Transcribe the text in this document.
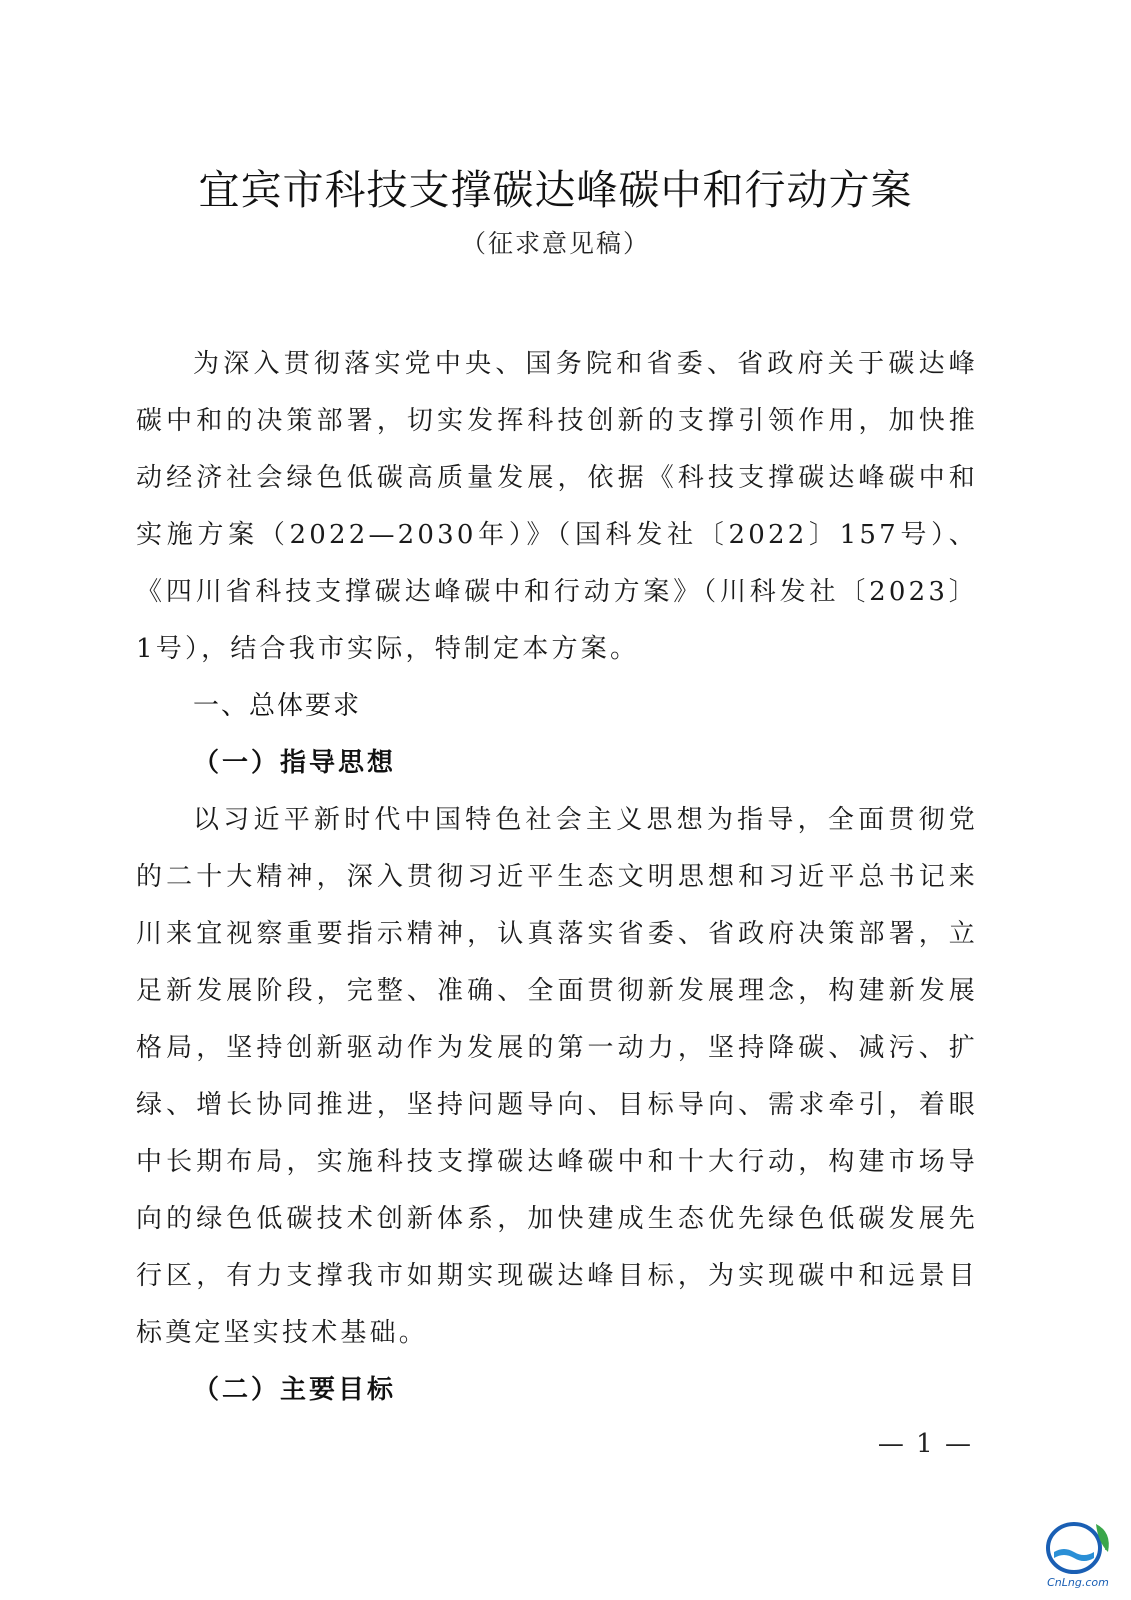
宜宾市科技支撑碳达峰碳中和行动方案

（征求意见稿）

为深入贯彻落实党中央、国务院和省委、省政府关于碳达峰碳中和的决策部署，切实发挥科技创新的支撑引领作用，加快推动经济社会绿色低碳高质量发展，依据《科技支撑碳达峰碳中和实施方案（2022—2030年）》（国科发社〔2022〕157号）、《四川省科技支撑碳达峰碳中和行动方案》（川科发社〔2023〕1号），结合我市实际，特制定本方案。

一、总体要求

（一）指导思想

以习近平新时代中国特色社会主义思想为指导，全面贯彻党的二十大精神，深入贯彻习近平生态文明思想和习近平总书记来川来宜视察重要指示精神，认真落实省委、省政府决策部署，立足新发展阶段，完整、准确、全面贯彻新发展理念，构建新发展格局，坚持创新驱动作为发展的第一动力，坚持降碳、减污、扩绿、增长协同推进，坚持问题导向、目标导向、需求牵引，着眼中长期布局，实施科技支撑碳达峰碳中和十大行动，构建市场导向的绿色低碳技术创新体系，加快建成生态优先绿色低碳发展先行区，有力支撑我市如期实现碳达峰目标，为实现碳中和远景目标奠定坚实技术基础。

（二）主要目标

— 1 —
CnLng.com
